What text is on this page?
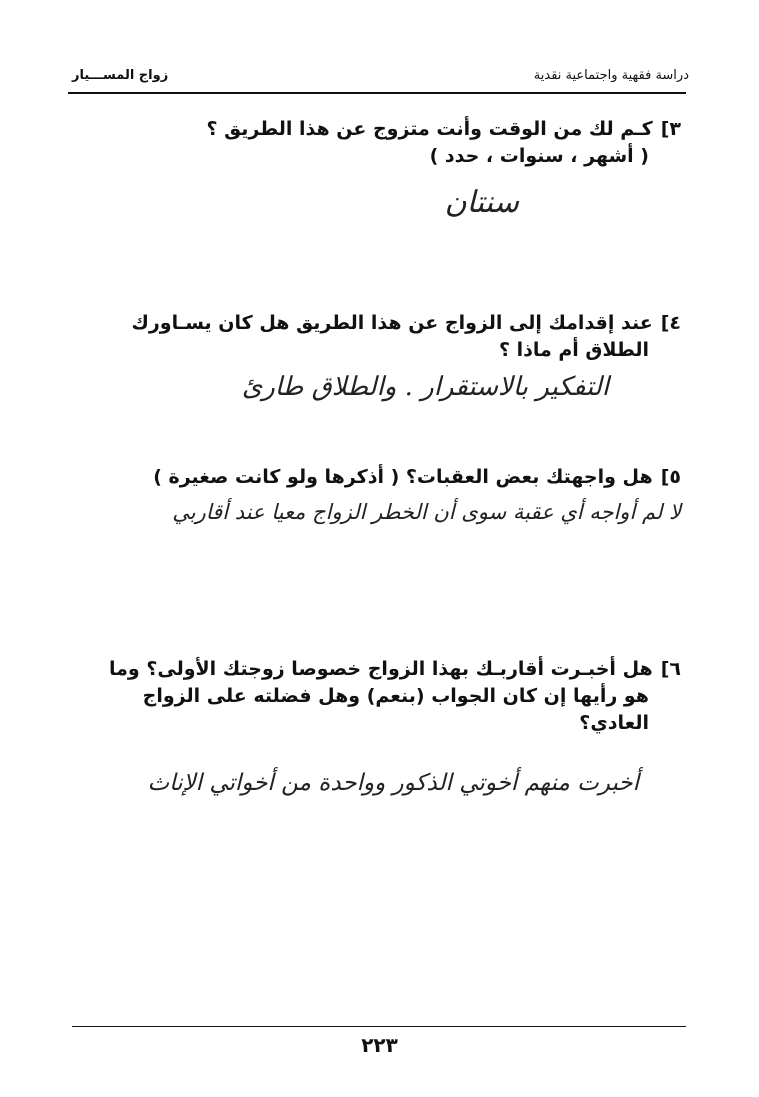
زواج المســـيار	دراسة فقهية واجتماعية نقدية
٣]كـم لك من الوقت وأنت متزوج عن هذا الطريق ؟
( أشهر ، سنوات ، حدد )
سنتان
٤]عند إقدامك إلى الزواج عن هذا الطريق هل كان يسـاورك
الطلاق أم ماذا ؟
التفكير بالاستقرار . والطلاق طارئ
٥]هل واجهتك بعض العقبات؟ ( أذكرها ولو كانت صغيرة )
لا لم أواجه أي عقبة سوى أن الخطر الزواج معيا عند أقاربي
٦]هل أخبـرت أقاربـك بهذا الزواج خصوصا زوجتك الأولى؟ وما
هو رأيها إن كان الجواب (بنعم) وهل فضلته على الزواج العادي؟
أخبرت منهم أخوتي الذكور وواحدة من أخواتي الإناث
٢٢٣
